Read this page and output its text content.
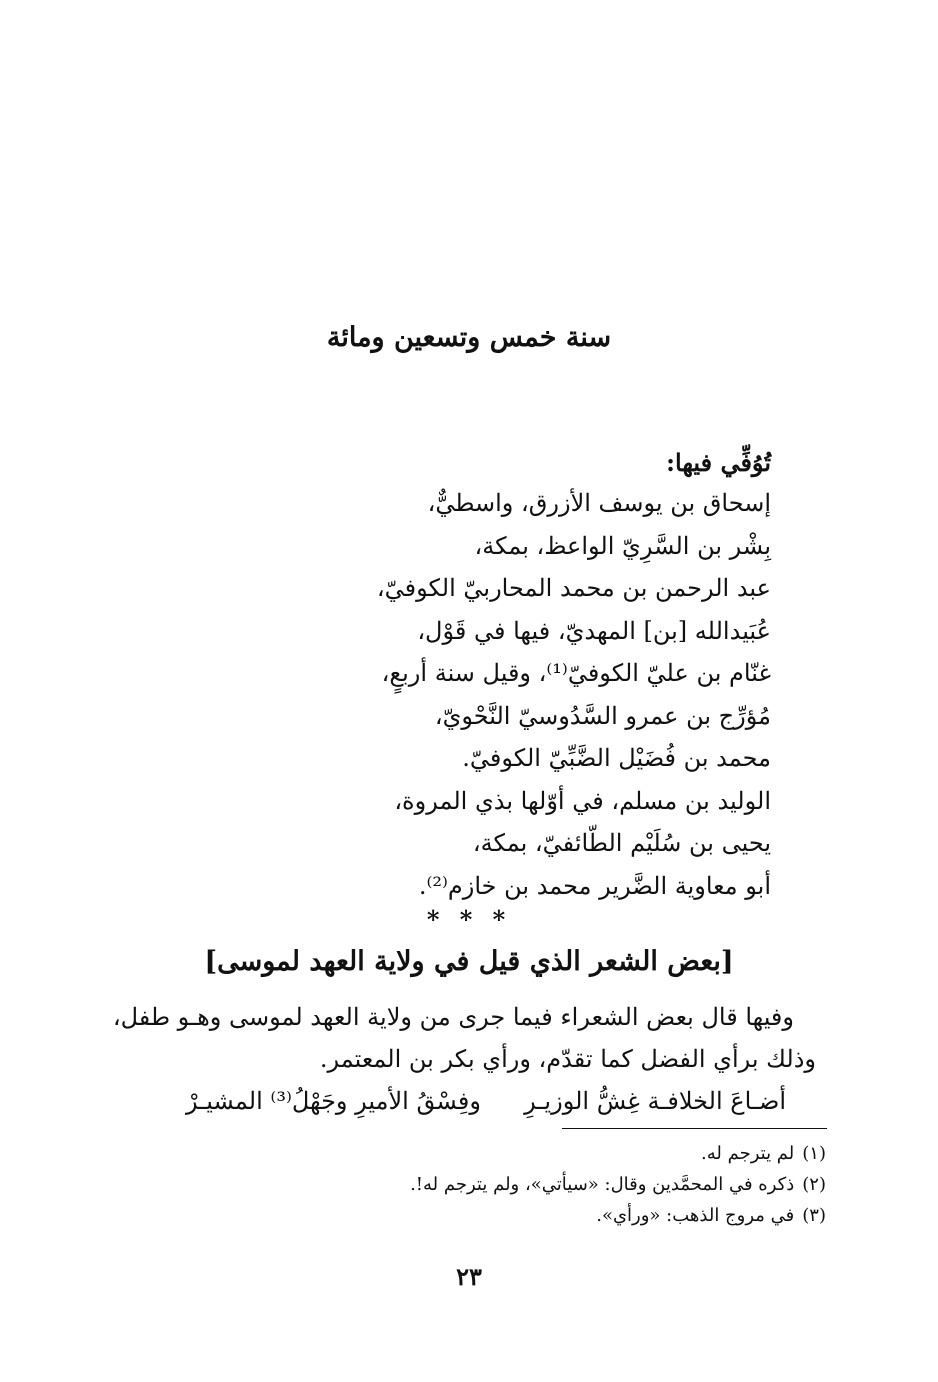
سنة خمس وتسعين ومائة
تُوُفِّي فيها:
إسحاق بن يوسف الأزرق، واسطيٌّ،
بِشْر بن السَّرِيّ الواعظ، بمكة،
عبد الرحمن بن محمد المحاربيّ الكوفيّ،
عُبَيدالله [بن] المهديّ، فيها في قَوْل،
غنّام بن عليّ الكوفيّ⁽¹⁾، وقيل سنة أربعٍ،
مُؤرِّج بن عمرو السَّدُوسيّ النَّحْويّ،
محمد بن فُضَيْل الضَّبِّيّ الكوفيّ.
الوليد بن مسلم، في أوّلها بذي المروة،
يحيى بن سُلَيْم الطّائفيّ، بمكة،
أبو معاوية الضَّرير محمد بن خازم⁽²⁾.
* * *
[بعض الشعر الذي قيل في ولاية العهد لموسى]
وفيها قال بعض الشعراء فيما جرى من ولاية العهد لموسى وهـو طفل،
وذلك برأي الفضل كما تقدّم، ورأي بكر بن المعتمر.
أضـاعَ الخلافـة غِشُّ الوزيـرِ
وفِسْقُ الأميرِ وجَهْلُ⁽³⁾ المشيـرْ
(١)لم يترجم له.
(٢)ذكره في المحمَّدين وقال: «سيأتي»، ولم يترجم له!.
(٣)في مروج الذهب: «ورأي».
٢٣
